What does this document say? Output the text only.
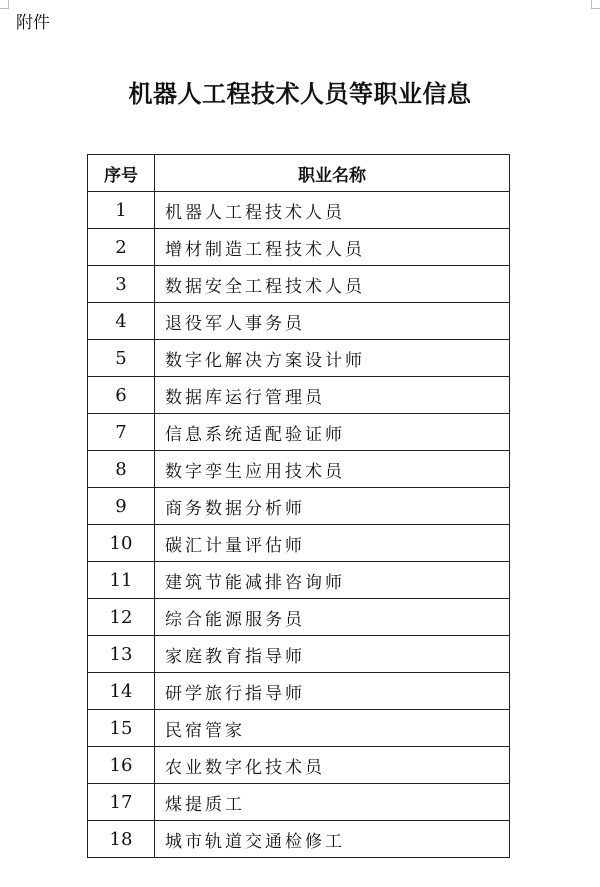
附件
机器人工程技术人员等职业信息
序号	职业名称
1	机器人工程技术人员
2	增材制造工程技术人员
3	数据安全工程技术人员
4	退役军人事务员
5	数字化解决方案设计师
6	数据库运行管理员
7	信息系统适配验证师
8	数字孪生应用技术员
9	商务数据分析师
10	碳汇计量评估师
11	建筑节能减排咨询师
12	综合能源服务员
13	家庭教育指导师
14	研学旅行指导师
15	民宿管家
16	农业数字化技术员
17	煤提质工
18	城市轨道交通检修工
